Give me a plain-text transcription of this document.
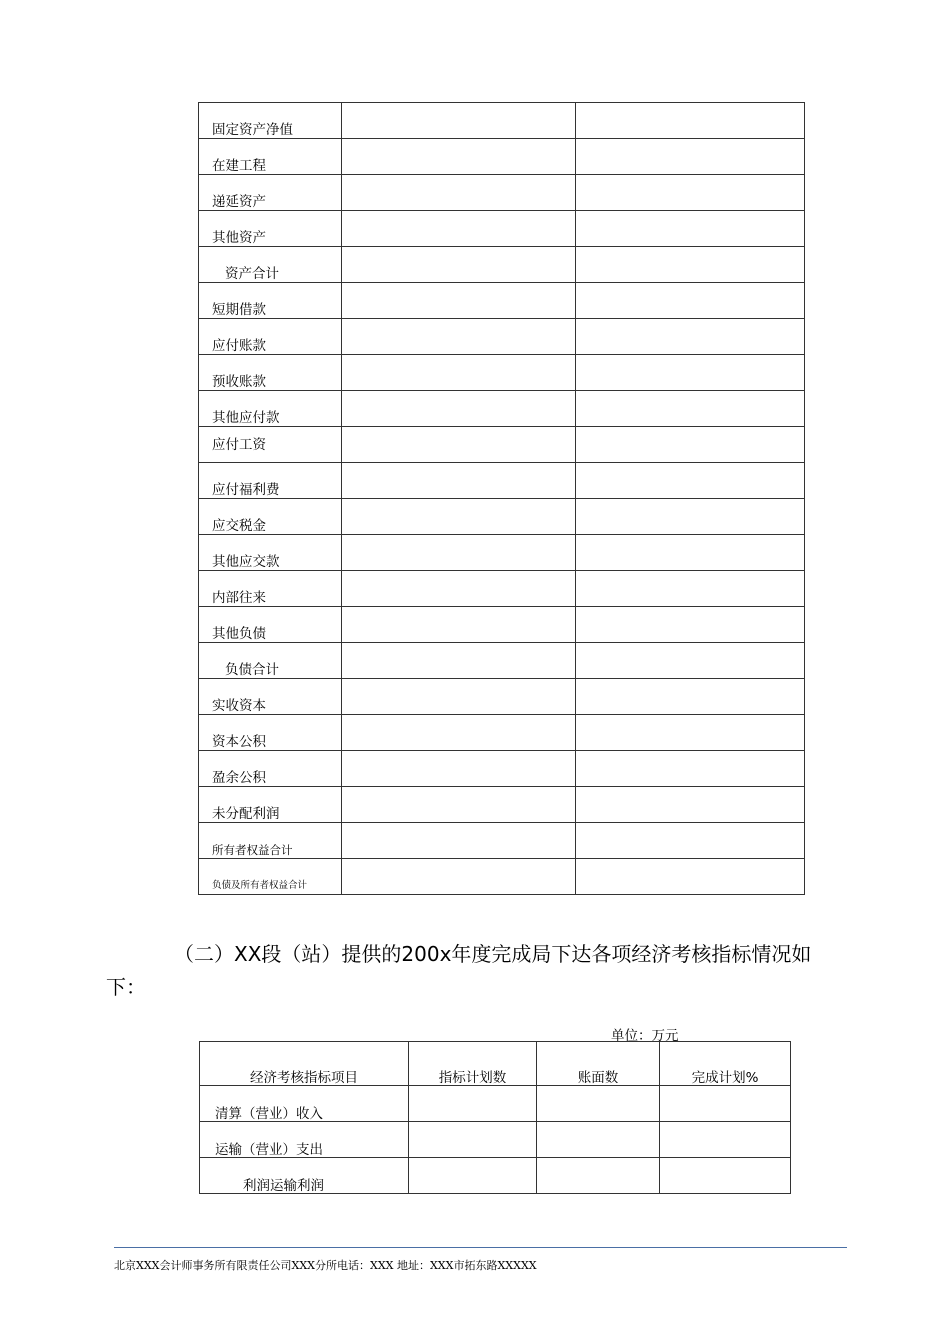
固定资产净值		

在建工程		

递延资产		

其他资产		

资产合计		

短期借款		

应付账款		

预收账款		

其他应付款		

应付工资		

应付福利费		

应交税金		

其他应交款		

内部往来		

其他负债		

负债合计		

实收资本		

资本公积		

盈余公积		

未分配利润		

所有者权益合计		

负债及所有者权益合计		

（二）XX段（站）提供的200x年度完成局下达各项经济考核指标情况如下：
单位：万元
经济考核指标项目	指标计划数	账面数	完成计划%

清算（营业）收入			

运输（营业）支出			

利润运输利润			

北京XXX会计师事务所有限责任公司XXX分所电话：XXX 地址：XXX市拓东路XXXXX
